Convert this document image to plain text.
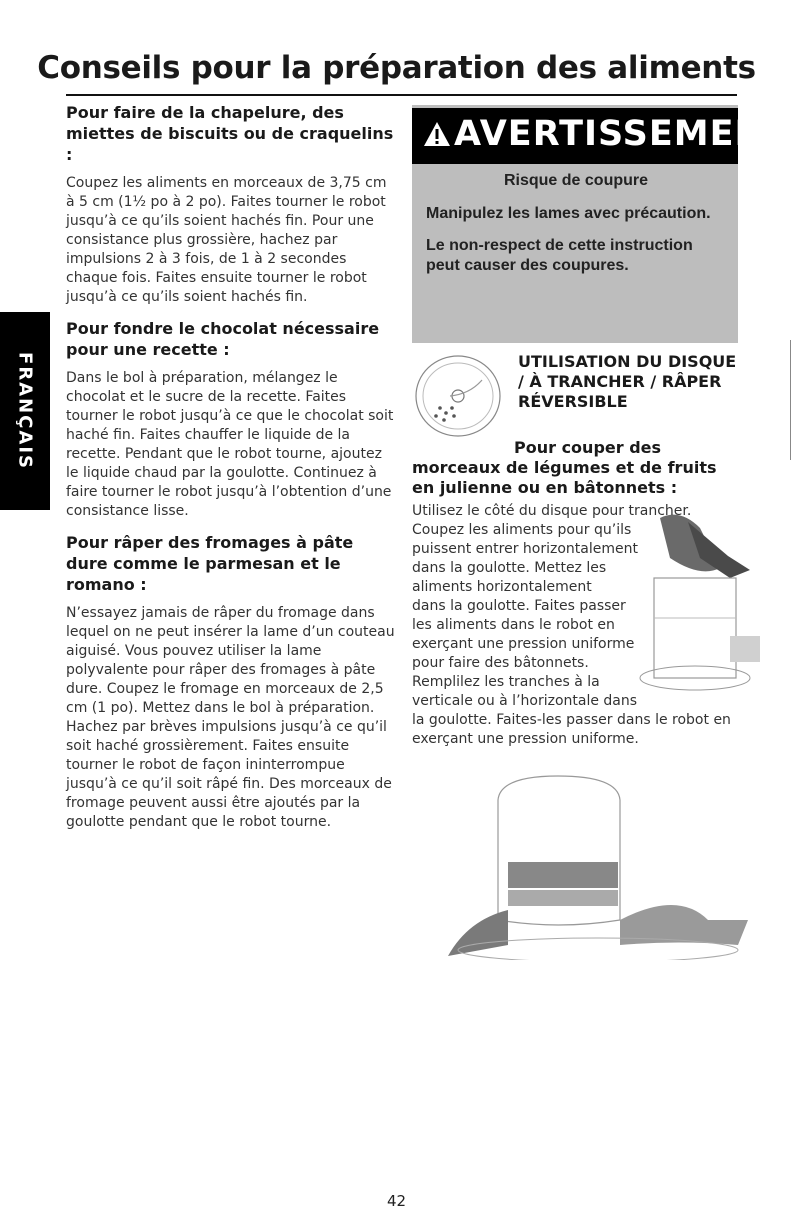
Conseils pour la préparation des aliments
FRANÇAIS

Pour faire de la chapelure, des miettes de biscuits ou de craquelins :

Coupez les aliments en morceaux de 3,75 cm à 5 cm (1½ po à 2 po). Faites tourner le robot jusqu’à ce qu’ils soient hachés fin. Pour une consistance plus grossière, hachez par impulsions 2 à 3 fois, de 1 à 2 secondes chaque fois. Faites ensuite tourner le robot jusqu’à ce qu’ils soient hachés fin.

Pour fondre le chocolat nécessaire pour une recette :

Dans le bol à préparation, mélangez le chocolat et le sucre de la recette. Faites tourner le robot jusqu’à ce que le chocolat soit haché fin. Faites chauffer le liquide de la recette. Pendant que le robot tourne, ajoutez le liquide chaud par la goulotte. Continuez à faire tourner le robot jusqu’à l’obtention d’une consistance lisse.

Pour râper des fromages à pâte dure comme le parmesan et le romano :

N’essayez jamais de râper du fromage dans lequel on ne peut insérer la lame d’un couteau aiguisé. Vous pouvez utiliser la lame polyvalente pour râper des fromages à pâte dure. Coupez le fromage en morceaux de 2,5 cm (1 po). Mettez dans le bol à préparation. Hachez par brèves impulsions jusqu’à ce qu’il soit haché grossièrement. Faites ensuite tourner le robot de façon ininterrompue jusqu’à ce qu’il soit râpé fin. Des morceaux de fromage peuvent aussi être ajoutés par la goulotte pendant que le robot tourne.

AVERTISSEMENT
Risque de coupure
Manipulez les lames avec précaution.
Le non-respect de cette instruction peut causer des coupures.
UTILISATION DU DISQUE / À TRANCHER / RÂPER RÉVERSIBLE
Pour couper des
morceaux de légumes et de fruits en julienne ou en bâtonnets :
Utilisez le côté du disque pour trancher.
Coupez les aliments pour qu’ils
puissent entrer horizontalement
dans la goulotte. Mettez les
aliments horizontalement
dans la goulotte. Faites passer
les aliments dans le robot en
exerçant une pression uniforme
pour faire des bâtonnets.
Remplilez les tranches à la
verticale ou à l’horizontale dans
la goulotte. Faites-les passer dans le robot en
exerçant une pression uniforme.
42
